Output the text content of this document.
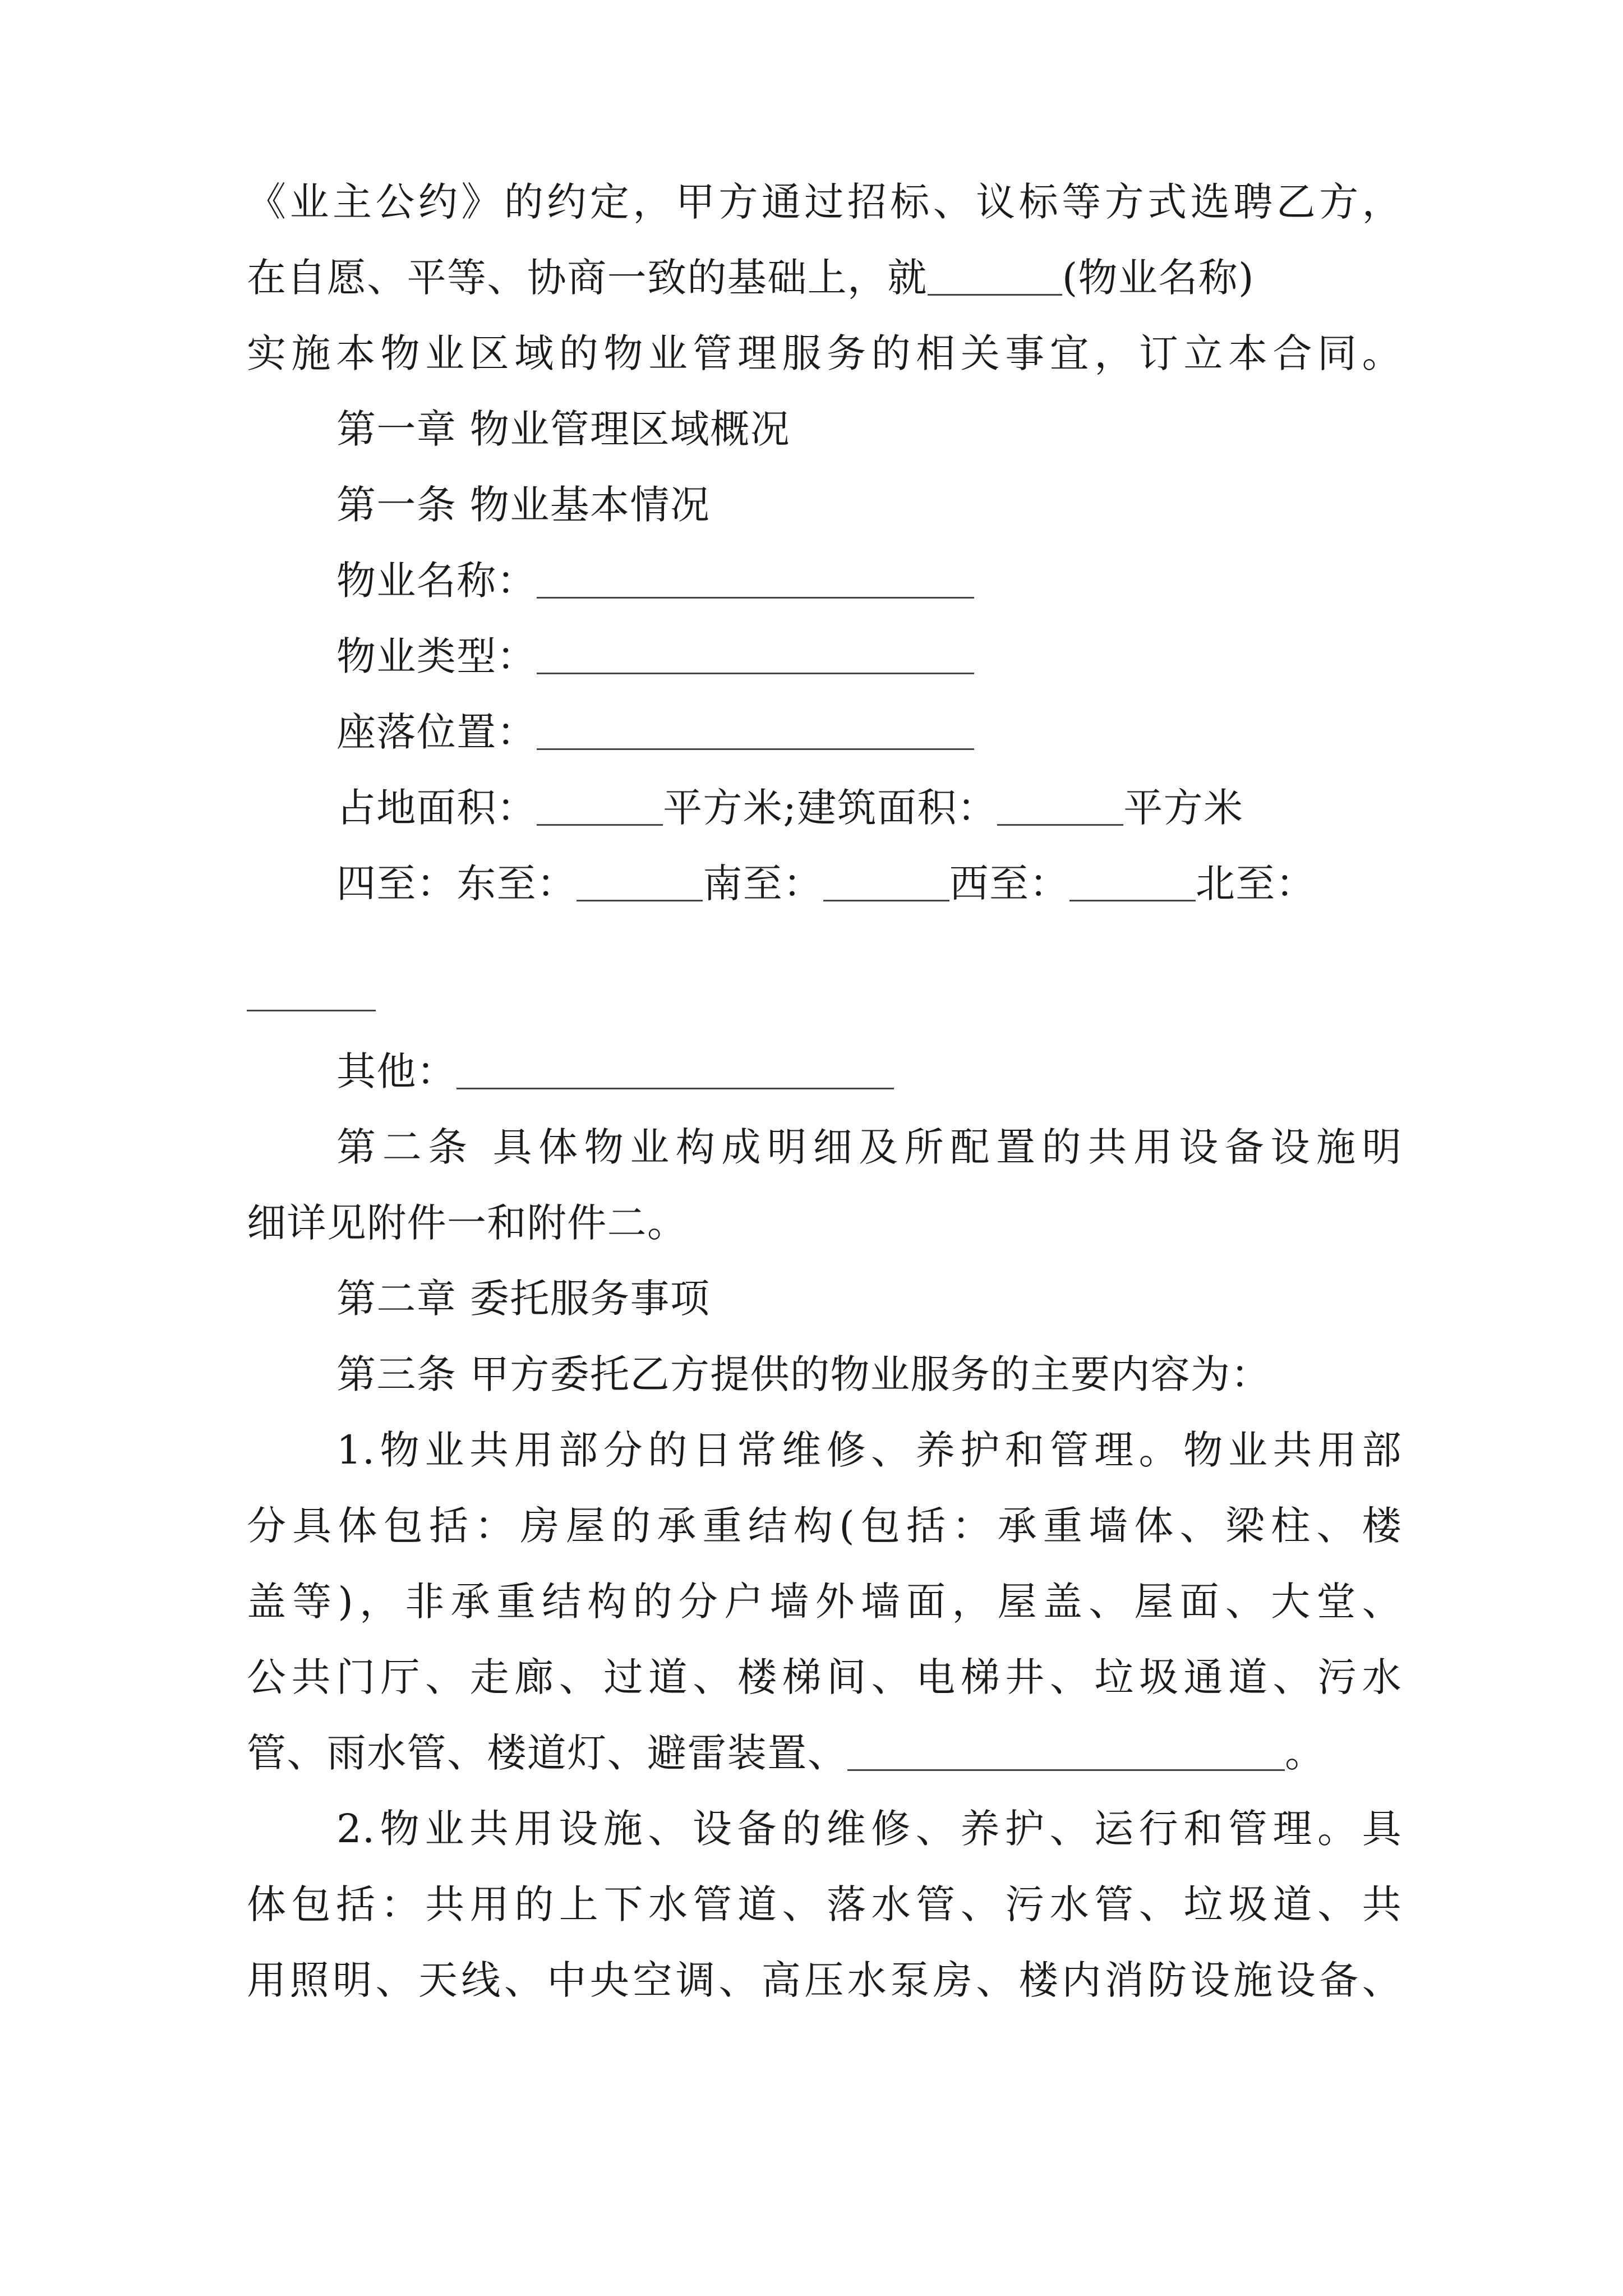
《业主公约》的约定，甲方通过招标、议标等方式选聘乙方，
在自愿、平等、协商一致的基础上，就	(物业名称)
实施本物业区域的物业管理服务的相关事宜，订立本合同。
第一章 物业管理区域概况
第一条 物业基本情况
物业名称：
物业类型：
座落位置：
占地面积：	平方米;建筑面积：	平方米
四至：东至：	南至：	西至：	北至：
其他：
第二条 具体物业构成明细及所配置的共用设备设施明
细详见附件一和附件二。
第二章 委托服务事项
第三条 甲方委托乙方提供的物业服务的主要内容为：
1.物业共用部分的日常维修、养护和管理。物业共用部
分具体包括：房屋的承重结构(包括：承重墙体、梁柱、楼
盖等)，非承重结构的分户墙外墙面，屋盖、屋面、大堂、
公共门厅、走廊、过道、楼梯间、电梯井、垃圾通道、污水
管、雨水管、楼道灯、避雷装置、	。
2.物业共用设施、设备的维修、养护、运行和管理。具
体包括：共用的上下水管道、落水管、污水管、垃圾道、共
用照明、天线、中央空调、高压水泵房、楼内消防设施设备、
